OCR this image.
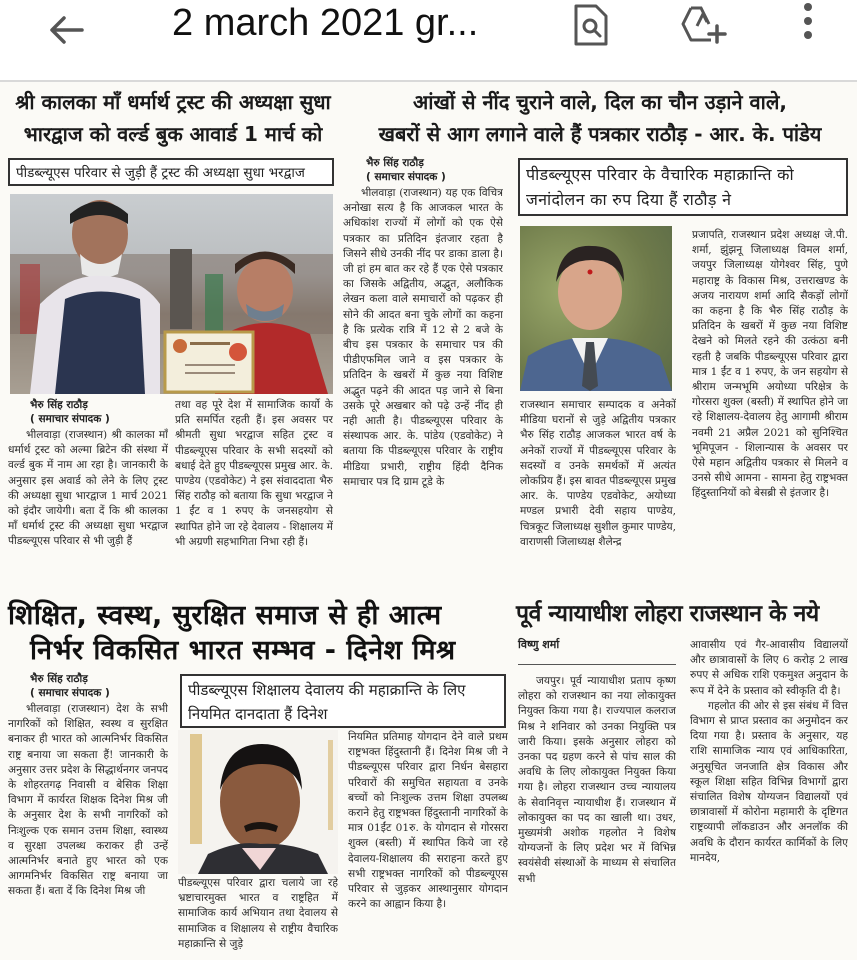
2 march 2021 gr...
श्री कालका माँ धर्मार्थ ट्रस्ट की अध्यक्षा सुधा
भारद्वाज को वर्ल्ड बुक आवार्ड 1 मार्च को
पीडब्ल्यूएस परिवार से जुड़ी हैं ट्रस्ट की अध्यक्षा सुधा भरद्वाज
भैरु सिंह राठौड़
( समाचार संपादक )

भीलवाड़ा (राजस्थान) श्री कालका माँ धर्मार्थ ट्रस्ट को अल्मा ब्रिटेन की संस्था में वर्ल्ड बुक में नाम आ रहा है। जानकारी के अनुसार इस अवार्ड को लेने के लिए ट्रस्ट की अध्यक्षा सुधा भारद्वाज 1 मार्च 2021 को इंदौर जायेगी। बता दें कि श्री कालका माँ धर्मार्थ ट्रस्ट की अध्यक्षा सुधा भरद्वाज पीडब्ल्यूएस परिवार से भी जुड़ी हैं

तथा वह पूरे देश में सामाजिक कार्यो के प्रति समर्पित रहती हैं। इस अवसर पर श्रीमती सुधा भरद्वाज सहित ट्रस्ट व पीडब्ल्यूएस परिवार के सभी सदस्यों को बधाई देते हुए पीडब्ल्यूएस प्रमुख आर. के. पाण्डेय (एडवोकेट) ने इस संवाददाता भैरु सिंह राठौड़ को बताया कि सुधा भरद्वाज ने 1 ईंट व 1 रुपए के जनसहयोग से स्थापित होने जा रहे देवालय - शिक्षालय में भी अग्रणी सहभागिता निभा रही हैं।

आंखों से नींद चुराने वाले, दिल का चौन उड़ाने वाले,
खबरों से आग लगाने वाले हैं पत्रकार राठौड़ - आर. के. पांडेय
भैरु सिंह राठौड़
( समाचार संपादक )	पीडब्ल्यूएस परिवार के वैचारिक महाक्रान्ति को जनांदोलन का रुप दिया हैं राठौड़ ने

भीलवाड़ा (राजस्थान) यह एक विचित्र अनोखा सत्य है कि आजकल भारत के अधिकांश राज्यों में लोगों को एक ऐसे पत्रकार का प्रतिदिन इंतजार रहता है जिसने सीधे उनकी नींद पर डाका डाला है। जी हां हम बात कर रहे हैं एक ऐसे पत्रकार का जिसके अद्वितीय, अद्भुत, अलौकिक लेखन कला वाले समाचारों को पढ़कर ही सोने की आदत बना चुके लोगों का कहना है कि प्रत्येक रात्रि में 12 से 2 बजे के बीच इस पत्रकार के समाचार पत्र की पीडीएफमिल जाने व इस पत्रकार के प्रतिदिन के खबरों में कुछ नया विशिष्ट अद्भुत पढ़ने की आदत पड़ जाने से बिना उसके पूरे अखबार को पढ़े उन्हें नींद ही नही आती है। पीडब्ल्यूएस परिवार के संस्थापक आर. के. पांडेय (एडवोकेट) ने बताया कि पीडब्ल्यूएस परिवार के राष्ट्रीय मीडिया प्रभारी, राष्ट्रीय हिंदी दैनिक समाचार पत्र दि ग्राम टूडे के

राजस्थान समाचार सम्पादक व अनेकों मीडिया घरानों से जुड़े अद्वितीय पत्रकार भैरु सिंह राठौड़ आजकल भारत वर्ष के अनेकों राज्यों में पीडब्ल्यूएस परिवार के सदस्यों व उनके समर्थकों में अत्यंत लोकप्रिय हैं। इस बावत पीडब्ल्यूएस प्रमुख आर. के. पाण्डेय एडवोकेट, अयोध्या मण्डल प्रभारी देवी सहाय पाण्डेय, चित्रकूट जिलाध्यक्ष सुशील कुमार पाण्डेय, वाराणसी जिलाध्यक्ष शैलेन्द्र

प्रजापति, राजस्थान प्रदेश अध्यक्ष जे.पी. शर्मा, झुंझनू जिलाध्यक्ष विमल शर्मा, जयपुर जिलाध्यक्ष योगेश्वर सिंह, पुणे महाराष्ट्र के विकास मिश्र, उत्तराखण्ड के अजय नारायण शर्मा आदि सैकड़ों लोगों का कहना है कि भैरु सिंह राठौड़ के प्रतिदिन के खबरों में कुछ नया विशिष्ट देखने को मिलते रहने की उत्कंठा बनी रहती है जबकि पीडब्ल्यूएस परिवार द्वारा मात्र 1 ईंट व 1 रुपए, के जन सहयोग से श्रीराम जन्मभूमि अयोध्या परिक्षेत्र के गोरसरा शुक्ल (बस्ती) में स्थापित होने जा रहे शिक्षालय-देवालय हेतु आगामी श्रीराम नवमी 21 अप्रैल 2021 को सुनिश्चित भूमिपूजन - शिलान्यास के अवसर पर ऐसे महान अद्वितीय पत्रकार से मिलने व उनसे सीधे आमना - सामना हेतु राष्ट्रभक्त हिंदुस्तानियों को बेसब्री से इंतजार है।

शिक्षित, स्वस्थ, सुरक्षित समाज से ही आत्म
निर्भर विकसित भारत सम्भव - दिनेश मिश्र
भैरु सिंह राठौड़
( समाचार संपादक )

भीलवाड़ा (राजस्थान) देश के सभी नागरिकों को शिक्षित, स्वस्थ व सुरक्षित बनाकर ही भारत को आत्मनिर्भर विकसित राष्ट्र बनाया जा सकता हैं! जानकारी के अनुसार उत्तर प्रदेश के सिद्धार्थनगर जनपद के शोहरतगढ़ निवासी व बेसिक शिक्षा विभाग में कार्यरत शिक्षक दिनेश मिश्र जी के अनुसार देश के सभी नागरिकों को निःशुल्क एक समान उत्तम शिक्षा, स्वास्थ्य व सुरक्षा उपलब्ध कराकर ही उन्हें आत्मनिर्भर बनाते हुए भारत को एक आगमनिर्भर विकसित राष्ट्र बनाया जा सकता हैं। बता दें कि दिनेश मिश्र जी

पीडब्ल्यूएस शिक्षालय देवालय की महाक्रान्ति के लिए नियमित दानदाता हैं दिनेश

पीडब्ल्यूएस परिवार द्वारा चलाये जा रहे भ्रष्टाचारमुक्त भारत व राष्ट्रहित में सामाजिक कार्य अभियान तथा देवालय से सामाजिक व शिक्षालय से राष्ट्रीय वैचारिक महाक्रान्ति से जुड़े

नियमित प्रतिमाह योगदान देने वाले प्रथम राष्ट्रभक्त हिंदुस्तानी हैं। दिनेश मिश्र जी ने पीडब्ल्यूएस परिवार द्वारा निर्धन बेसहारा परिवारों की समुचित सहायता व उनके बच्चों को निःशुल्क उत्तम शिक्षा उपलब्ध कराने हेतु राष्ट्रभक्त हिंदुस्तानी नागरिकों के मात्र 01ईंट 01रु. के योगदान से गोरसरा शुक्ल (बस्ती) में स्थापित किये जा रहे देवालय-शिक्षालय की सराहना करते हुए सभी राष्ट्रभक्त नागरिकों को पीडब्ल्यूएस परिवार से जुड़कर आस्थानुसार योगदान करने का आह्वान किया है।

पूर्व न्यायाधीश लोहरा राजस्थान के नये
विष्णु शर्मा

जयपुर। पूर्व न्यायाधीश प्रताप कृष्ण लोहरा को राजस्थान का नया लोकायुक्त नियुक्त किया गया है। राज्यपाल कलराज मिश्र ने शनिवार को उनका नियुक्ति पत्र जारी किया। इसके अनुसार लोहरा को उनका पद ग्रहण करने से पांच साल की अवधि के लिए लोकायुक्त नियुक्त किया गया है। लोहरा राजस्थान उच्च न्यायालय के सेवानिवृत्त न्यायाधीश हैं। राजस्थान में लोकायुक्त का पद का खाली था। उधर, मुख्यमंत्री अशोक गहलोत ने विशेष योग्यजनों के लिए प्रदेश भर में विभिन्न स्वयंसेवी संस्थाओं के माध्यम से संचालित सभी

आवासीय एवं गैर-आवासीय विद्यालयों और छात्रावासों के लिए 6 करोड़ 2 लाख रुपए से अधिक राशि एकमुश्त अनुदान के रूप में देने के प्रस्ताव को स्वीकृति दी है।

गहलोत की ओर से इस संबंध में वित्त विभाग से प्राप्त प्रस्ताव का अनुमोदन कर दिया गया है। प्रस्ताव के अनुसार, यह राशि सामाजिक न्याय एवं आधिकारिता, अनुसूचित जनजाति क्षेत्र विकास और स्कूल शिक्षा सहित विभिन्न विभागों द्वारा संचालित विशेष योग्यजन विद्यालयों एवं छात्रावासों में कोरोना महामारी के दृष्टिगत राष्ट्रव्यापी लॉकडाउन और अनलॉक की अवधि के दौरान कार्यरत कार्मिकों के लिए मानदेय,
